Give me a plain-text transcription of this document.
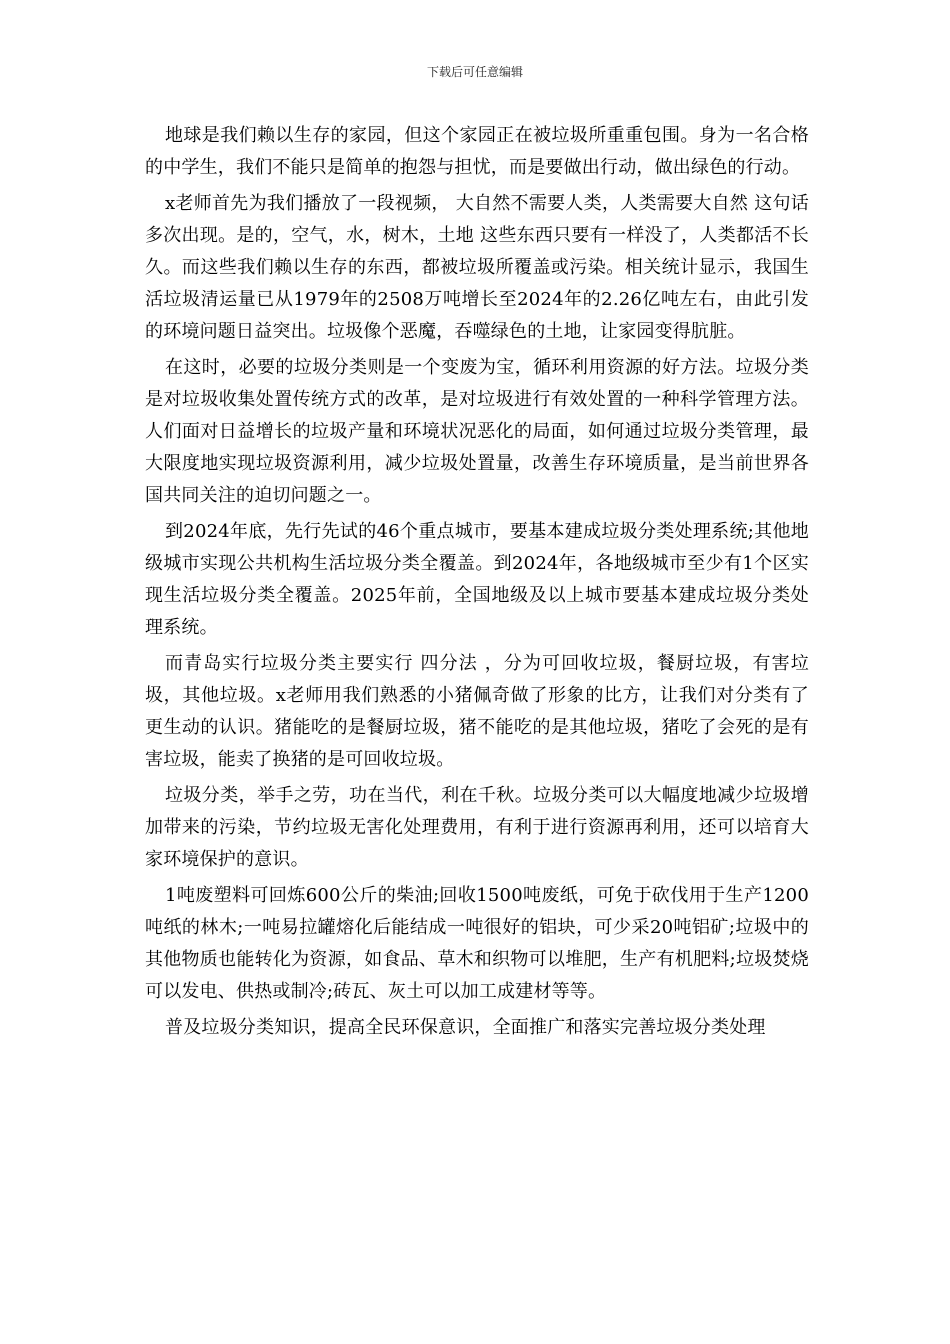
下载后可任意编辑

地球是我们赖以生存的家园，但这个家园正在被垃圾所重重包围。身为一名合格的中学生，我们不能只是简单的抱怨与担忧，而是要做出行动，做出绿色的行动。

x老师首先为我们播放了一段视频， 大自然不需要人类，人类需要大自然 这句话多次出现。是的，空气，水，树木，土地 这些东西只要有一样没了，人类都活不长久。而这些我们赖以生存的东西，都被垃圾所覆盖或污染。相关统计显示，我国生活垃圾清运量已从1979年的2508万吨增长至2024年的2.26亿吨左右，由此引发的环境问题日益突出。垃圾像个恶魔，吞噬绿色的土地，让家园变得肮脏。

在这时，必要的垃圾分类则是一个变废为宝，循环利用资源的好方法。垃圾分类是对垃圾收集处置传统方式的改革，是对垃圾进行有效处置的一种科学管理方法。人们面对日益增长的垃圾产量和环境状况恶化的局面，如何通过垃圾分类管理，最大限度地实现垃圾资源利用，减少垃圾处置量，改善生存环境质量，是当前世界各国共同关注的迫切问题之一。

到2024年底，先行先试的46个重点城市，要基本建成垃圾分类处理系统;其他地级城市实现公共机构生活垃圾分类全覆盖。到2024年，各地级城市至少有1个区实现生活垃圾分类全覆盖。2025年前，全国地级及以上城市要基本建成垃圾分类处理系统。

而青岛实行垃圾分类主要实行 四分法 ，分为可回收垃圾，餐厨垃圾，有害垃圾，其他垃圾。x老师用我们熟悉的小猪佩奇做了形象的比方，让我们对分类有了更生动的认识。猪能吃的是餐厨垃圾，猪不能吃的是其他垃圾，猪吃了会死的是有害垃圾，能卖了换猪的是可回收垃圾。

垃圾分类，举手之劳，功在当代，利在千秋。垃圾分类可以大幅度地减少垃圾增加带来的污染，节约垃圾无害化处理费用，有利于进行资源再利用，还可以培育大家环境保护的意识。

1吨废塑料可回炼600公斤的柴油;回收1500吨废纸，可免于砍伐用于生产1200吨纸的林木;一吨易拉罐熔化后能结成一吨很好的铝块，可少采20吨铝矿;垃圾中的其他物质也能转化为资源，如食品、草木和织物可以堆肥，生产有机肥料;垃圾焚烧可以发电、供热或制冷;砖瓦、灰土可以加工成建材等等。

普及垃圾分类知识，提高全民环保意识，全面推广和落实完善垃圾分类处理
